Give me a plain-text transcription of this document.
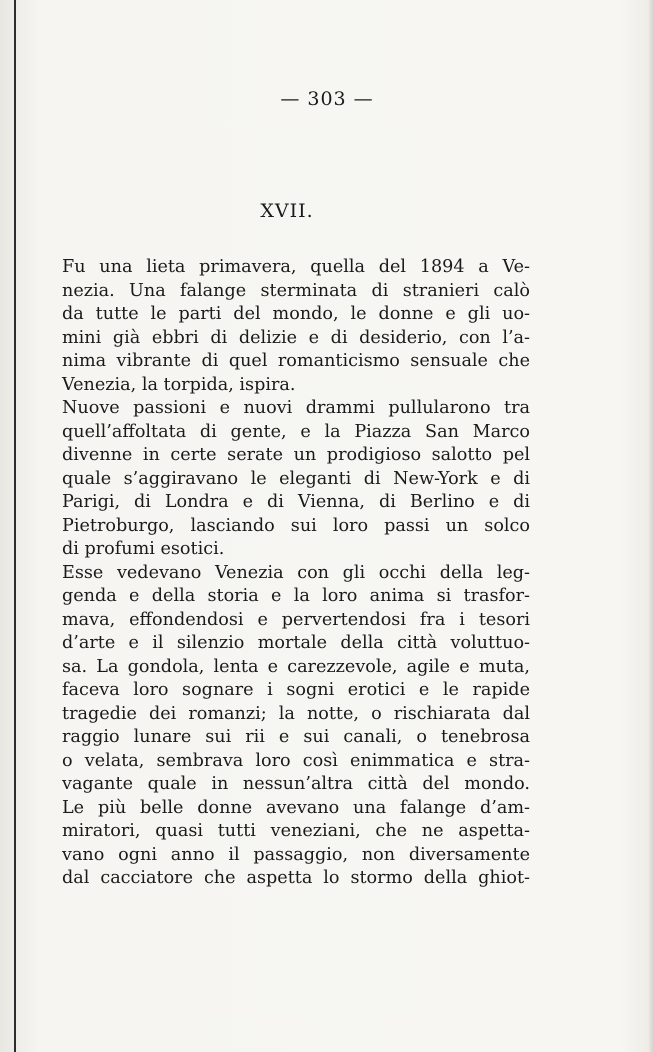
— 303 —
XVII.
Fu una lieta primavera, quella del 1894 a Ve-
nezia. Una falange sterminata di stranieri calò
da tutte le parti del mondo, le donne e gli uo-
mini già ebbri di delizie e di desiderio, con l’a-
nima vibrante di quel romanticismo sensuale che
Venezia, la torpida, ispira.
Nuove passioni e nuovi drammi pullularono tra
quell’affoltata di gente, e la Piazza San Marco
divenne in certe serate un prodigioso salotto pel
quale s’aggiravano le eleganti di New-York e di
Parigi, di Londra e di Vienna, di Berlino e di
Pietroburgo, lasciando sui loro passi un solco
di profumi esotici.
Esse vedevano Venezia con gli occhi della leg-
genda e della storia e la loro anima si trasfor-
mava, effondendosi e pervertendosi fra i tesori
d’arte e il silenzio mortale della città voluttuo-
sa. La gondola, lenta e carezzevole, agile e muta,
faceva loro sognare i sogni erotici e le rapide
tragedie dei romanzi; la notte, o rischiarata dal
raggio lunare sui rii e sui canali, o tenebrosa
o velata, sembrava loro così enimmatica e stra-
vagante quale in nessun’altra città del mondo.
Le più belle donne avevano una falange d’am-
miratori, quasi tutti veneziani, che ne aspetta-
vano ogni anno il passaggio, non diversamente
dal cacciatore che aspetta lo stormo della ghiot-
